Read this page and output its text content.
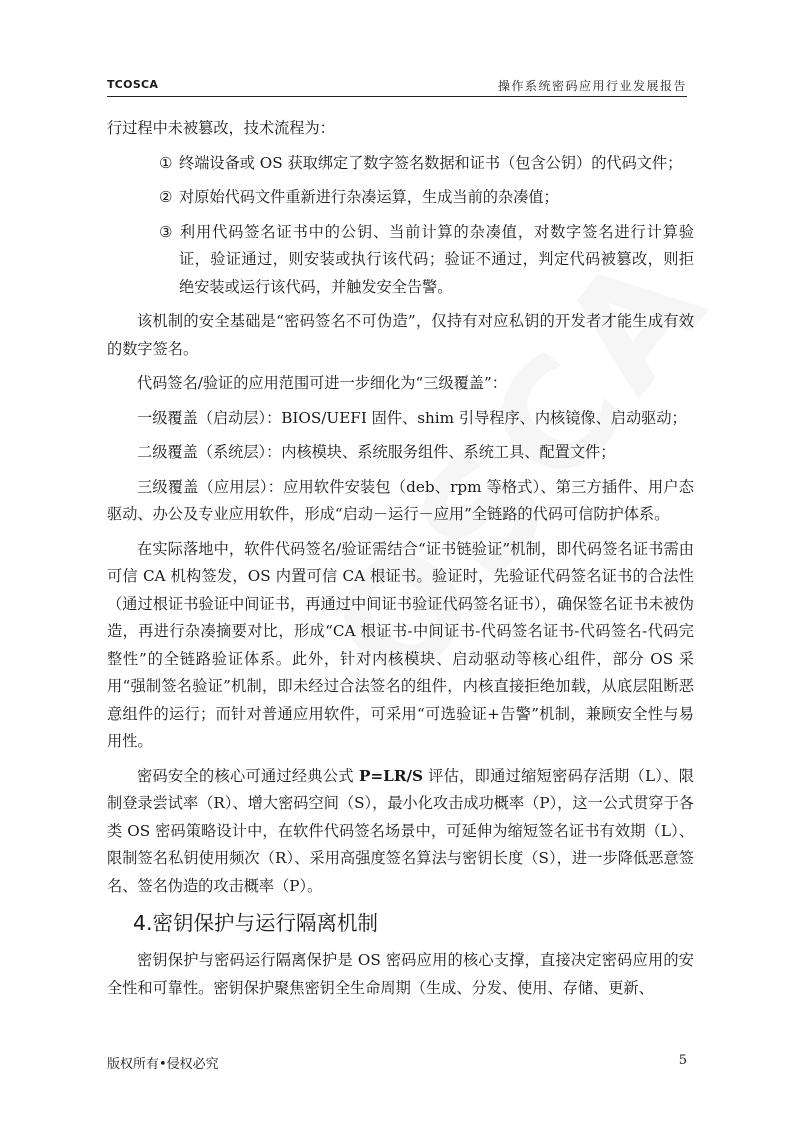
TCOSCA	操作系统密码应用行业发展报告

行过程中未被篡改，技术流程为：

① 终端设备或 OS 获取绑定了数字签名数据和证书（包含公钥）的代码文件；

② 对原始代码文件重新进行杂凑运算，生成当前的杂凑值；

③ 利用代码签名证书中的公钥、当前计算的杂凑值，对数字签名进行计算验证，验证通过，则安装或执行该代码；验证不通过，判定代码被篡改，则拒绝安装或运行该代码，并触发安全告警。

该机制的安全基础是“密码签名不可伪造”，仅持有对应私钥的开发者才能生成有效的数字签名。

代码签名/验证的应用范围可进一步细化为“三级覆盖”：

一级覆盖（启动层）：BIOS/UEFI 固件、shim 引导程序、内核镜像、启动驱动；

二级覆盖（系统层）：内核模块、系统服务组件、系统工具、配置文件；

三级覆盖（应用层）：应用软件安装包（deb、rpm 等格式）、第三方插件、用户态驱动、办公及专业应用软件，形成“启动－运行－应用”全链路的代码可信防护体系。

在实际落地中，软件代码签名/验证需结合“证书链验证”机制，即代码签名证书需由可信 CA 机构签发，OS 内置可信 CA 根证书。验证时，先验证代码签名证书的合法性（通过根证书验证中间证书，再通过中间证书验证代码签名证书），确保签名证书未被伪造，再进行杂凑摘要对比，形成“CA 根证书-中间证书-代码签名证书-代码签名-代码完整性”的全链路验证体系。此外，针对内核模块、启动驱动等核心组件，部分 OS 采用“强制签名验证”机制，即未经过合法签名的组件，内核直接拒绝加载，从底层阻断恶意组件的运行；而针对普通应用软件，可采用“可选验证+告警”机制，兼顾安全性与易用性。

密码安全的核心可通过经典公式 P=LR/S 评估，即通过缩短密码存活期（L）、限制登录尝试率（R）、增大密码空间（S），最小化攻击成功概率（P），这一公式贯穿于各类 OS 密码策略设计中，在软件代码签名场景中，可延伸为缩短签名证书有效期（L）、限制签名私钥使用频次（R）、采用高强度签名算法与密钥长度（S），进一步降低恶意签名、签名伪造的攻击概率（P）。

4.密钥保护与运行隔离机制

密钥保护与密码运行隔离保护是 OS 密码应用的核心支撑，直接决定密码应用的安全性和可靠性。密钥保护聚焦密钥全生命周期（生成、分发、使用、存储、更新、

版权所有•侵权必究	5
